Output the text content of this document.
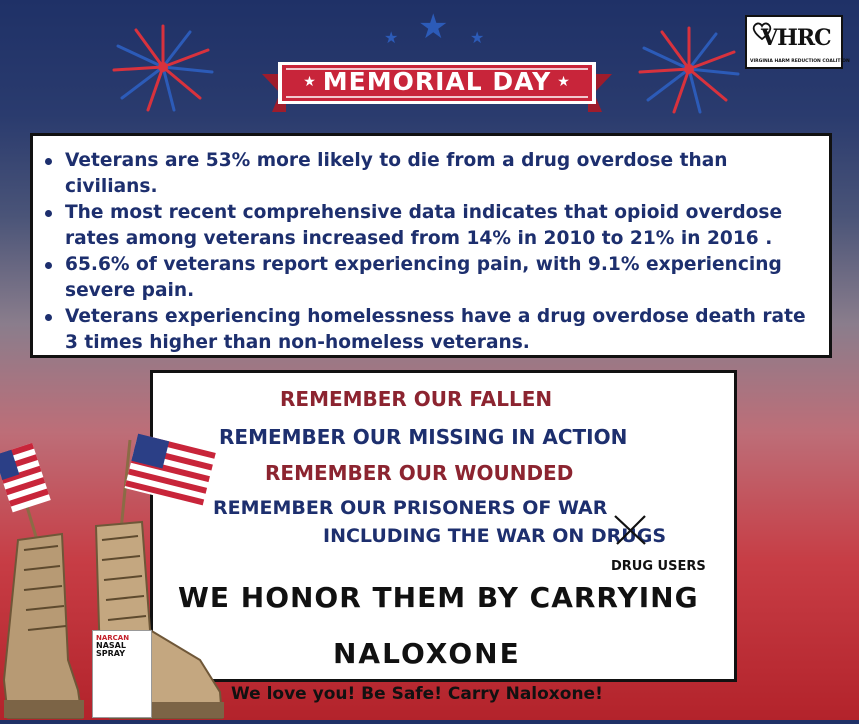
★
★	★
★ MEMORIAL DAY ★
VHRC
VIRGINIA HARM REDUCTION COALITION
Veterans are 53% more likely to die from a drug overdose than civilians.
The most recent comprehensive data indicates that opioid overdose rates among veterans increased from 14% in 2010 to 21% in 2016 .
65.6% of veterans report experiencing pain, with 9.1% experiencing severe pain.
Veterans experiencing homelessness have a drug overdose death rate 3 times higher than non-homeless veterans.
REMEMBER OUR FALLEN
REMEMBER OUR MISSING IN ACTION
REMEMBER OUR WOUNDED
REMEMBER OUR PRISONERS OF WAR
INCLUDING THE WAR ON DRUGS
DRUG USERS
WE HONOR THEM BY CARRYING
NALOXONE
NARCAN
NASAL SPRAY
We love you! Be Safe! Carry Naloxone!
